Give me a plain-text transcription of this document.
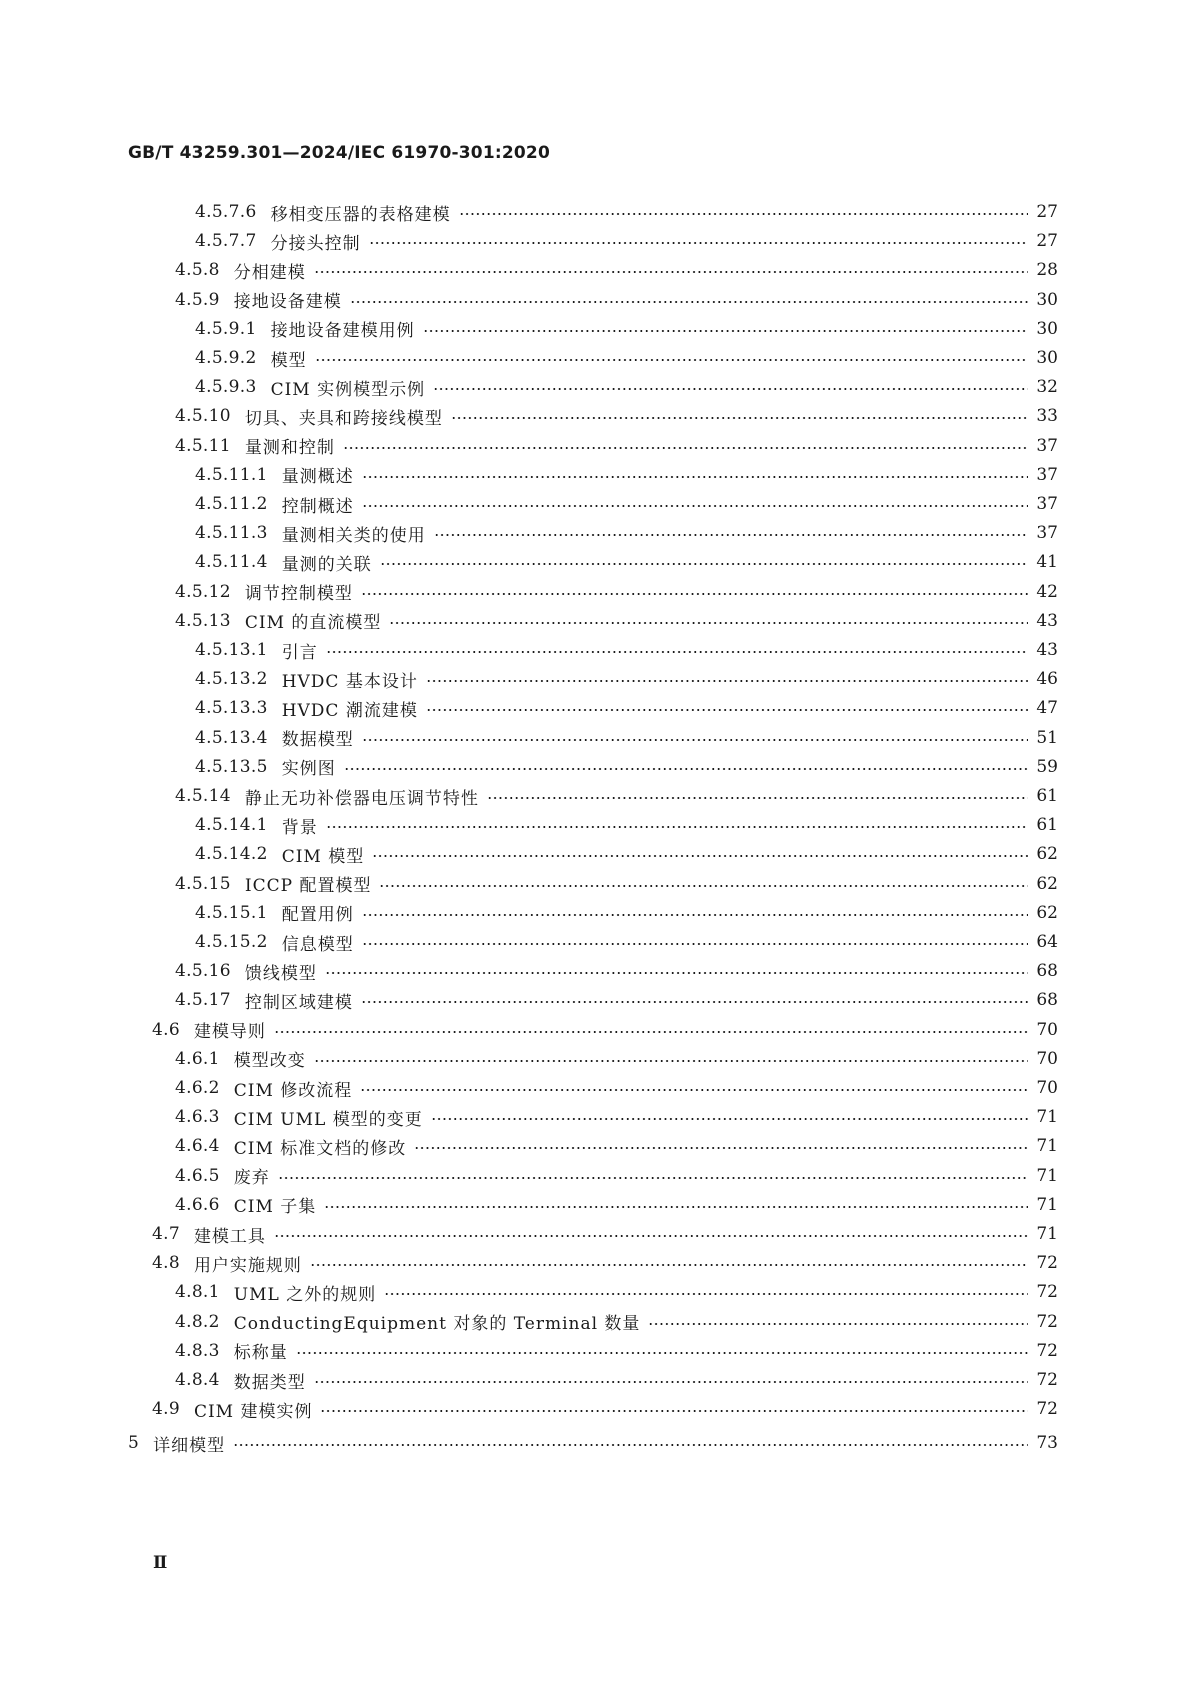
GB/T 43259.301—2024/IEC 61970-301:2020
4.5.7.6 移相变压器的表格建模	27
4.5.7.7 分接头控制	27
4.5.8 分相建模	28
4.5.9 接地设备建模	30
4.5.9.1 接地设备建模用例	30
4.5.9.2 模型	30
4.5.9.3 CIM 实例模型示例	32
4.5.10 切具、夹具和跨接线模型	33
4.5.11 量测和控制	37
4.5.11.1 量测概述	37
4.5.11.2 控制概述	37
4.5.11.3 量测相关类的使用	37
4.5.11.4 量测的关联	41
4.5.12 调节控制模型	42
4.5.13 CIM 的直流模型	43
4.5.13.1 引言	43
4.5.13.2 HVDC 基本设计	46
4.5.13.3 HVDC 潮流建模	47
4.5.13.4 数据模型	51
4.5.13.5 实例图	59
4.5.14 静止无功补偿器电压调节特性	61
4.5.14.1 背景	61
4.5.14.2 CIM 模型	62
4.5.15 ICCP 配置模型	62
4.5.15.1 配置用例	62
4.5.15.2 信息模型	64
4.5.16 馈线模型	68
4.5.17 控制区域建模	68
4.6 建模导则	70
4.6.1 模型改变	70
4.6.2 CIM 修改流程	70
4.6.3 CIM UML 模型的变更	71
4.6.4 CIM 标准文档的修改	71
4.6.5 废弃	71
4.6.6 CIM 子集	71
4.7 建模工具	71
4.8 用户实施规则	72
4.8.1 UML 之外的规则	72
4.8.2 ConductingEquipment 对象的 Terminal 数量	72
4.8.3 标称量	72
4.8.4 数据类型	72
4.9 CIM 建模实例	72
5 详细模型	73
Ⅱ
